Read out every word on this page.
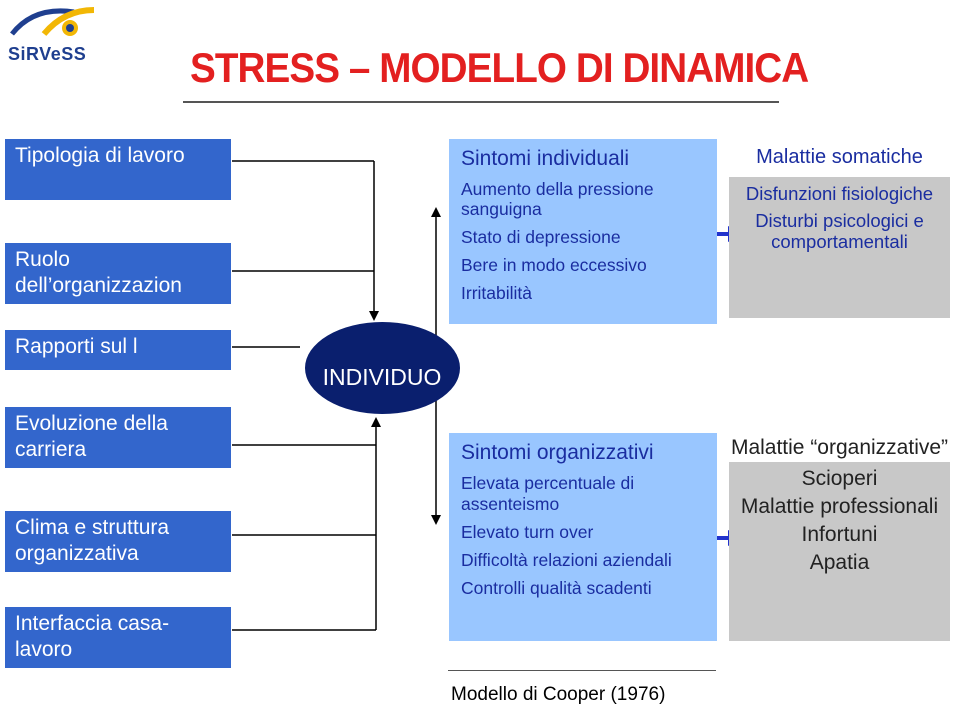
SiRVeSS STRESS – MODELLO DI DINAMICA
Tipologia di lavoro
Ruolo dell’organizzazion
Rapporti sul l
Evoluzione della carriera
Clima e struttura organizzativa
Interfaccia casa-lavoro
INDIVIDUO
Sintomi individuali
Aumento della pressione sanguigna
Stato di depressione
Bere in modo eccessivo
Irritabilità
Sintomi organizzativi
Elevata percentuale di assenteismo
Elevato turn over
Difficoltà relazioni aziendali
Controlli qualità scadenti
Malattie somatiche
Disfunzioni fisiologiche
Disturbi psicologici e comportamentali
Malattie “organizzative”
Scioperi
Malattie professionali
Infortuni
Apatia
Modello di Cooper (1976)
